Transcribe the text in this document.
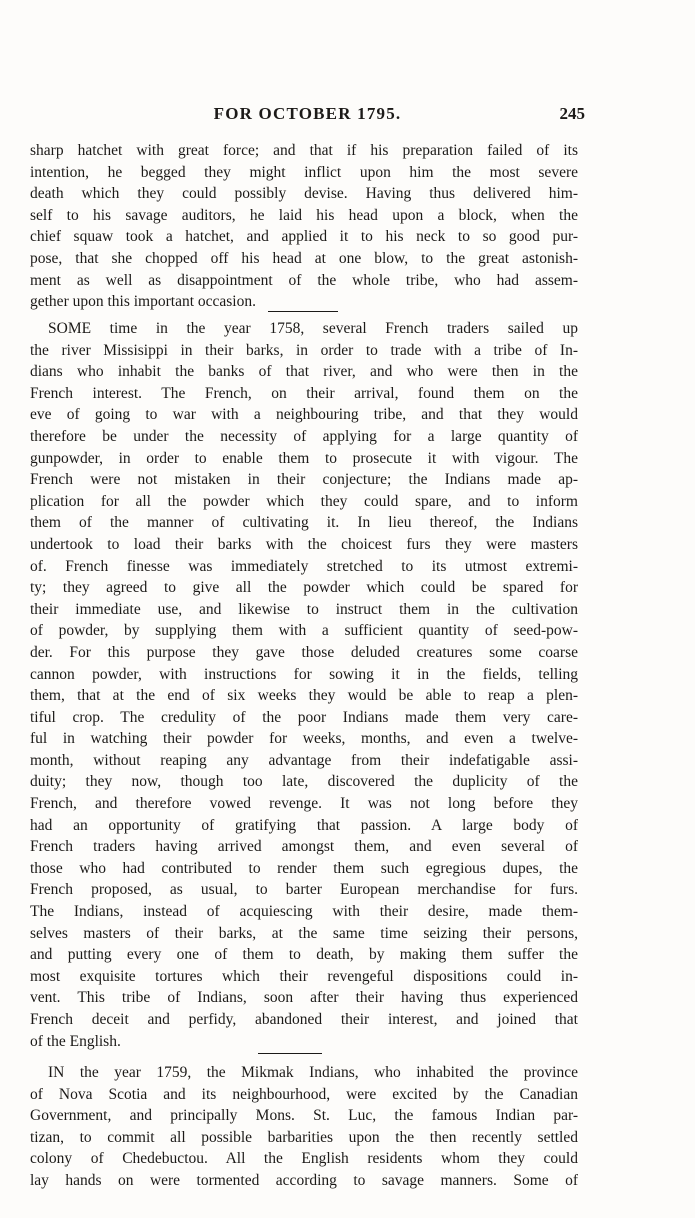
FOR OCTOBER 1795.	245
sharp hatchet with great force; and that if his preparation failed of its
intention, he begged they might inflict upon him the most severe
death which they could possibly devise. Having thus delivered him-
self to his savage auditors, he laid his head upon a block, when the
chief squaw took a hatchet, and applied it to his neck to so good pur-
pose, that she chopped off his head at one blow, to the great astonish-
ment as well as disappointment of the whole tribe, who had assem-
gether upon this important occasion.
SOME time in the year 1758, several French traders sailed up
the river Missisippi in their barks, in order to trade with a tribe of In-
dians who inhabit the banks of that river, and who were then in the
French interest. The French, on their arrival, found them on the
eve of going to war with a neighbouring tribe, and that they would
therefore be under the necessity of applying for a large quantity of
gunpowder, in order to enable them to prosecute it with vigour. The
French were not mistaken in their conjecture; the Indians made ap-
plication for all the powder which they could spare, and to inform
them of the manner of cultivating it. In lieu thereof, the Indians
undertook to load their barks with the choicest furs they were masters
of. French finesse was immediately stretched to its utmost extremi-
ty; they agreed to give all the powder which could be spared for
their immediate use, and likewise to instruct them in the cultivation
of powder, by supplying them with a sufficient quantity of seed-pow-
der. For this purpose they gave those deluded creatures some coarse
cannon powder, with instructions for sowing it in the fields, telling
them, that at the end of six weeks they would be able to reap a plen-
tiful crop. The credulity of the poor Indians made them very care-
ful in watching their powder for weeks, months, and even a twelve-
month, without reaping any advantage from their indefatigable assi-
duity; they now, though too late, discovered the duplicity of the
French, and therefore vowed revenge. It was not long before they
had an opportunity of gratifying that passion. A large body of
French traders having arrived amongst them, and even several of
those who had contributed to render them such egregious dupes, the
French proposed, as usual, to barter European merchandise for furs.
The Indians, instead of acquiescing with their desire, made them-
selves masters of their barks, at the same time seizing their persons,
and putting every one of them to death, by making them suffer the
most exquisite tortures which their revengeful dispositions could in-
vent. This tribe of Indians, soon after their having thus experienced
French deceit and perfidy, abandoned their interest, and joined that
of the English.
IN the year 1759, the Mikmak Indians, who inhabited the province
of Nova Scotia and its neighbourhood, were excited by the Canadian
Government, and principally Mons. St. Luc, the famous Indian par-
tizan, to commit all possible barbarities upon the then recently settled
colony of Chedebuctou. All the English residents whom they could
lay hands on were tormented according to savage manners. Some of
